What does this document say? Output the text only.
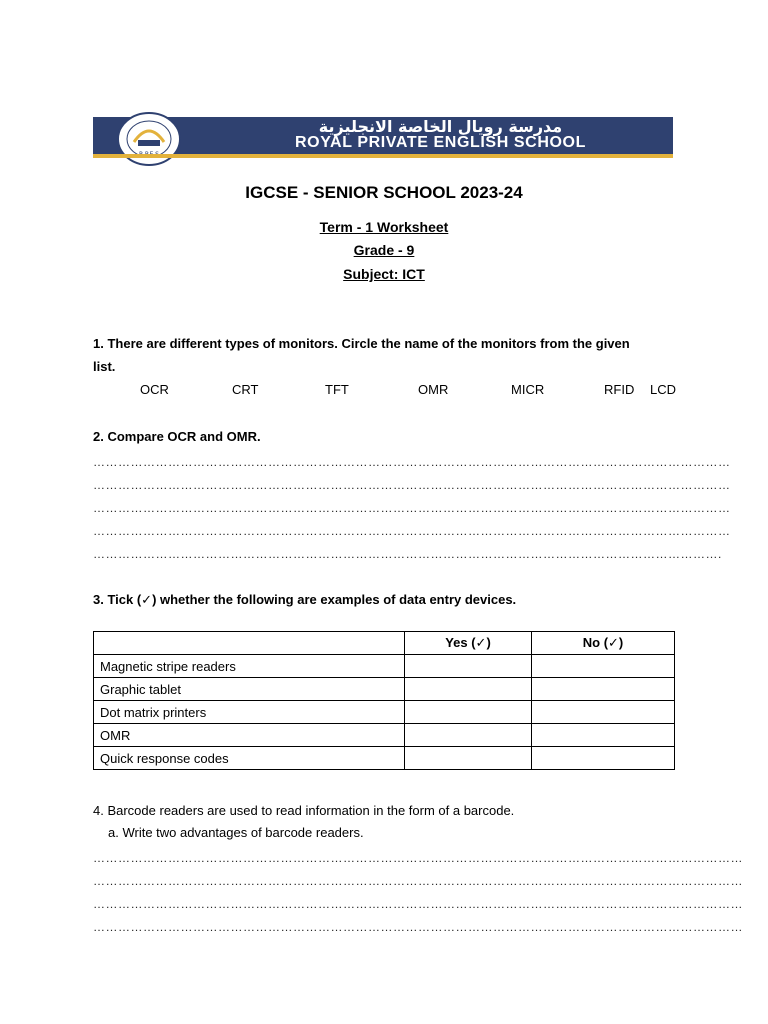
مدرسة رويال الخاصة الانجليزية
ROYAL PRIVATE ENGLISH SCHOOL
IGCSE - SENIOR SCHOOL 2023-24
Term - 1 Worksheet
Grade - 9
Subject: ICT
1. There are different types of monitors. Circle the name of the monitors from the given
list.
OCR	CRT	TFT	OMR	MICR	RFID LCD
2. Compare OCR and OMR.
………………………………………………………………………………………………………………………………………
………………………………………………………………………………………………………………………………………
………………………………………………………………………………………………………………………………………
………………………………………………………………………………………………………………………………………
…………………………………………………………………………………………………………………………………….
3. Tick (✓) whether the following are examples of data entry devices.
	Yes (✓)	No (✓)
Magnetic stripe readers		
Graphic tablet		
Dot matrix printers		
OMR		
Quick response codes		
4. Barcode readers are used to read information in the form of a barcode.
a. Write two advantages of barcode readers.
…………………………………………………………………………………………………………………………………………
…………………………………………………………………………………………………………………………………………
…………………………………………………………………………………………………………………………………………
…………………………………………………………………………………………………………………………………………
